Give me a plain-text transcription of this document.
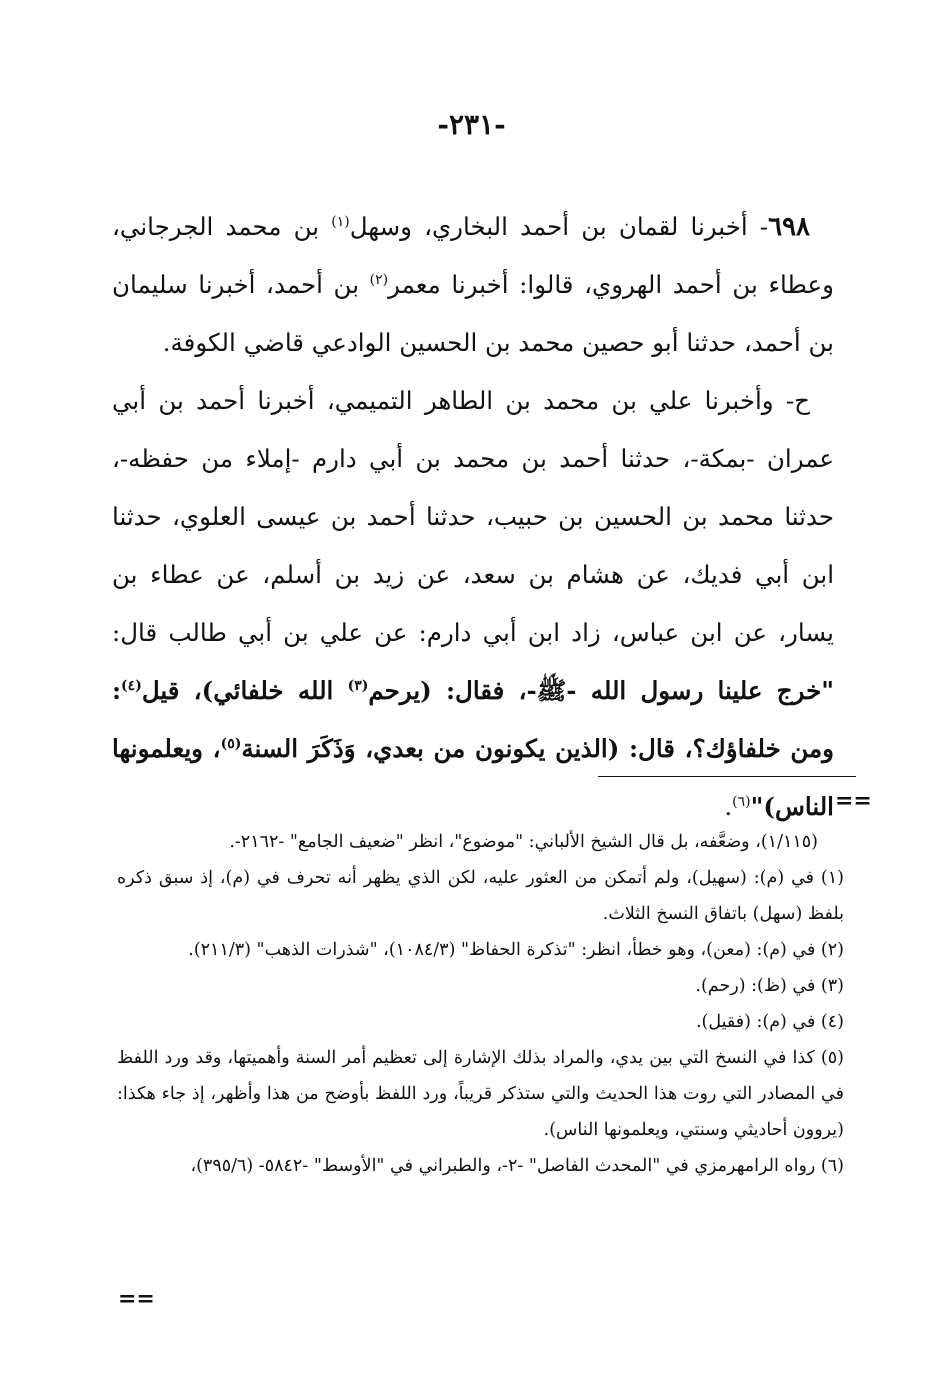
-٢٣١-

٦٩٨- أخبرنا لقمان بن أحمد البخاري، وسهل$^{(١)}$ بن محمد الجرجاني، وعطاء بن أحمد الهروي، قالوا: أخبرنا معمر$^{(٢)}$ بن أحمد، أخبرنا سليمان بن أحمد، حدثنا أبو حصين محمد بن الحسين الوادعي قاضي الكوفة.

ح- وأخبرنا علي بن محمد بن الطاهر التميمي، أخبرنا أحمد بن أبي عمران -بمكة-، حدثنا أحمد بن محمد بن أبي دارم -إملاء من حفظه-، حدثنا محمد بن الحسين بن حبيب، حدثنا أحمد بن عيسى العلوي، حدثنا ابن أبي فديك، عن هشام بن سعد، عن زيد بن أسلم، عن عطاء بن يسار، عن ابن عباس، زاد ابن أبي دارم: عن علي بن أبي طالب قال: "خرج علينا رسول الله -ﷺ-، فقال: (يرحم$^{(٣)}$ الله خلفائي)، قيل$^{(٤)}$: ومن خلفاؤك؟، قال: (الذين يكونون من بعدي، وَذَكَرَ السنة$^{(٥)}$، ويعلمونها الناس)"$^{(٦)}$.	==

(١/١١٥)، وضعَّفه، بل قال الشيخ الألباني: "موضوع"، انظر "ضعيف الجامع" -٢١٦٢-.

(١) في (م): (سهيل)، ولم أتمكن من العثور عليه، لكن الذي يظهر أنه تحرف في (م)، إذ سبق ذكره بلفظ (سهل) باتفاق النسخ الثلاث.

(٢) في (م): (معن)، وهو خطأ، انظر: "تذكرة الحفاظ" (١٠٨٤/٣)، "شذرات الذهب" (٢١١/٣).

(٣) في (ظ): (رحم).

(٤) في (م): (فقيل).

(٥) كذا في النسخ التي بين يدي، والمراد بذلك الإشارة إلى تعظيم أمر السنة وأهميتها، وقد ورد اللفظ في المصادر التي روت هذا الحديث والتي ستذكر قريباً، ورد اللفظ بأوضح من هذا وأظهر، إذ جاء هكذا: (يروون أحاديثي وسنتي، ويعلمونها الناس).

(٦) رواه الرامهرمزي في "المحدث الفاصل" -٢-، والطبراني في "الأوسط" -٥٨٤٢- (٣٩٥/٦)،

==
